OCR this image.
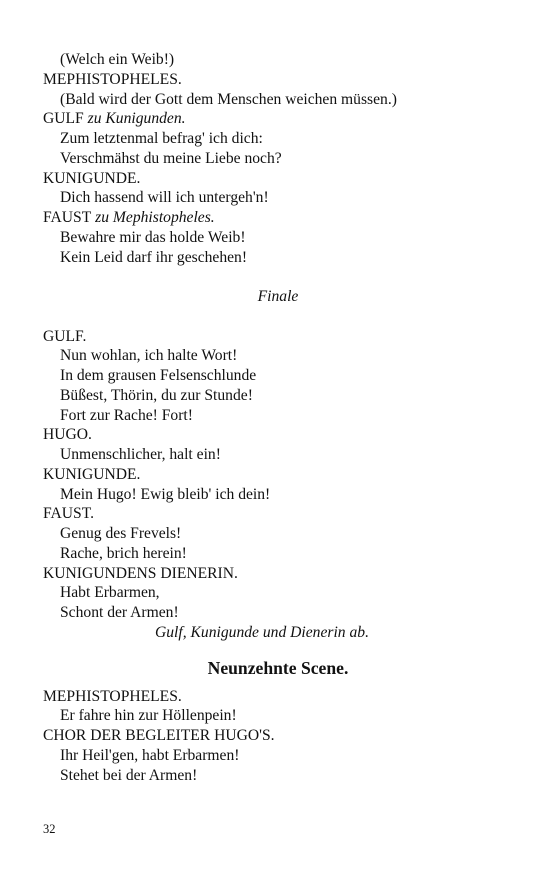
(Welch ein Weib!)
MEPHISTOPHELES.
(Bald wird der Gott dem Menschen weichen müssen.)
GULF zu Kunigunden.
Zum letztenmal befrag' ich dich:
Verschmähst du meine Liebe noch?
KUNIGUNDE.
Dich hassend will ich untergeh'n!
FAUST zu Mephistopheles.
Bewahre mir das holde Weib!
Kein Leid darf ihr geschehen!
Finale
GULF.
Nun wohlan, ich halte Wort!
In dem grausen Felsenschlunde
Büßest, Thörin, du zur Stunde!
Fort zur Rache! Fort!
HUGO.
Unmenschlicher, halt ein!
KUNIGUNDE.
Mein Hugo! Ewig bleib' ich dein!
FAUST.
Genug des Frevels!
Rache, brich herein!
KUNIGUNDENS DIENERIN.
Habt Erbarmen,
Schont der Armen!
Gulf, Kunigunde und Dienerin ab.
Neunzehnte Scene.
MEPHISTOPHELES.
Er fahre hin zur Höllenpein!
CHOR DER BEGLEITER HUGO'S.
Ihr Heil'gen, habt Erbarmen!
Stehet bei der Armen!
32
